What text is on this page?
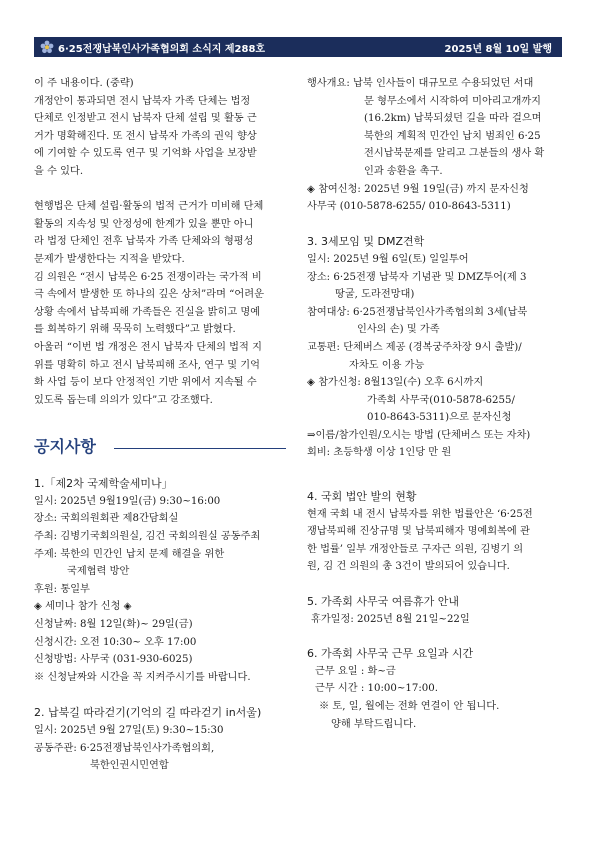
6·25전쟁납북인사가족협의회 소식지 제288호	2025년 8월 10일 발행

이 주 내용이다. (중략)

개정안이 통과되면 전시 납북자 가족 단체는 법정

단체로 인정받고 전시 납북자 단체 설립 및 활동 근

거가 명확해진다. 또 전시 납북자 가족의 권익 향상

에 기여할 수 있도록 연구 및 기억화 사업을 보장받

을 수 있다.

현행법은 단체 설립·활동의 법적 근거가 미비해 단체

활동의 지속성 및 안정성에 한계가 있을 뿐만 아니

라 법정 단체인 전후 납북자 가족 단체와의 형평성

문제가 발생한다는 지적을 받았다.

김 의원은 “전시 납북은 6·25 전쟁이라는 국가적 비

극 속에서 발생한 또 하나의 깊은 상처”라며 “어려운

상황 속에서 납북피해 가족들은 진실을 밝히고 명예

를 회복하기 위해 묵묵히 노력했다”고 밝혔다.

아울러 “이번 법 개정은 전시 납북자 단체의 법적 지

위를 명확히 하고 전시 납북피해 조사, 연구 및 기억

화 사업 등이 보다 안정적인 기반 위에서 지속될 수

있도록 돕는데 의의가 있다”고 강조했다.

공지사항

1.「제2차 국제학술세미나」

일시: 2025년 9월19일(금) 9:30~16:00

장소: 국회의원회관 제8간담회실

주최: 김병기국회의원실, 김건 국회의원실 공동주최

주제: 북한의 민간인 납치 문제 해결을 위한

국제협력 방안

후원: 통일부

◈ 세미나 참가 신청 ◈

신청날짜: 8월 12일(화)~ 29일(금)

신청시간: 오전 10:30~ 오후 17:00

신청방법: 사무국 (031-930-6025)

※ 신청날짜와 시간을 꼭 지켜주시기를 바랍니다.

2. 납북길 따라걷기(기억의 길 따라걷기 in서울)

일시: 2025년 9월 27일(토) 9:30~15:30

공동주관: 6·25전쟁납북인사가족협의회,

북한인권시민연합

행사개요: 납북 인사들이 대규모로 수용되었던 서대

문 형무소에서 시작하여 미아리고개까지

(16.2km) 납북되셨던 길을 따라 걸으며

북한의 계획적 민간인 납치 범죄인 6·25

전시납북문제를 알리고 그분들의 생사 확

인과 송환을 촉구.

◈ 참여신청: 2025년 9월 19일(금) 까지 문자신청

사무국 (010-5878-6255/ 010-8643-5311)

3. 3세모임 및 DMZ견학

일시: 2025년 9월 6일(토) 일일투어

장소: 6·25전쟁 납북자 기념관 및 DMZ투어(제 3

땅굴, 도라전망대)

참여대상: 6·25전쟁납북인사가족협의회 3세(납북

인사의 손) 및 가족

교통편: 단체버스 제공 (경복궁주차장 9시 출발)/

자차도 이용 가능

◈ 참가신청: 8월13일(수) 오후 6시까지

가족회 사무국(010-5878-6255/

010-8643-5311)으로 문자신청

⇒이름/참가인원/오시는 방법 (단체버스 또는 자차)

회비: 초등학생 이상 1인당 만 원

4. 국회 법안 발의 현황

현재 국회 내 전시 납북자를 위한 법률안은 ‘6·25전

쟁납북피해 진상규명 및 납북피해자 명예회복에 관

한 법률’ 일부 개정안들로 구자근 의원, 김병기 의

원, 김 건 의원의 총 3건이 발의되어 있습니다.

5. 가족회 사무국 여름휴가 안내

휴가일정: 2025년 8월 21일~22일

6. 가족회 사무국 근무 요일과 시간

근무 요일 : 화~금

근무 시간 : 10:00~17:00.

※ 토, 일, 월에는 전화 연결이 안 됩니다.

양해 부탁드립니다.
